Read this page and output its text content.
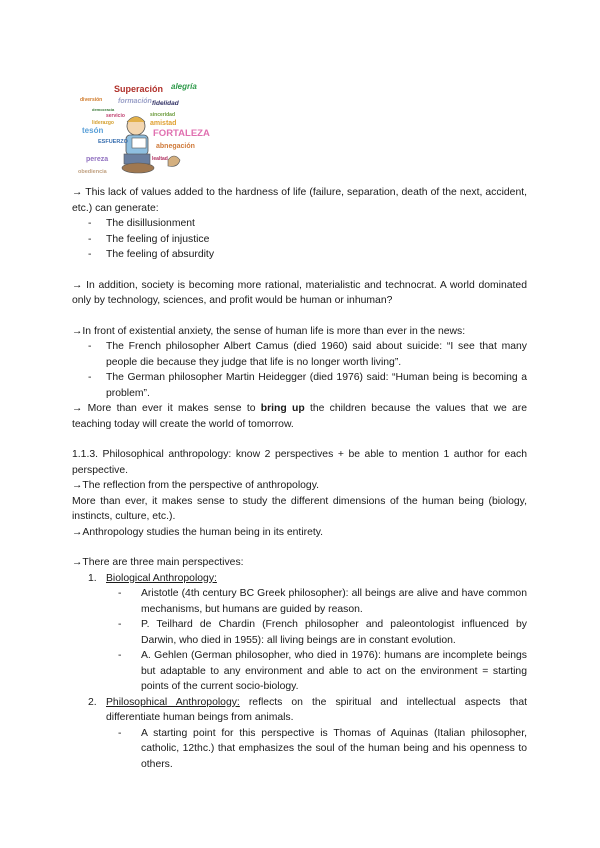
Superación alegría
diversión formación fidelidad
democracia
servicio	sinceridad
liderazgo	amistad
tesón
ESFUERZO
FORTALEZA
abnegación
pereza	lealtad
obediencia

→ This lack of values added to the hardness of life (failure, separation, death of the next, accident, etc.) can generate:

- The disillusionment
- The feeling of injustice
- The feeling of absurdity

→ In addition, society is becoming more rational, materialistic and technocrat. A world dominated only by technology, sciences, and profit would be human or inhuman?

→In front of existential anxiety, the sense of human life is more than ever in the news:

- The French philosopher Albert Camus (died 1960) said about suicide: “I see that many people die because they judge that life is no longer worth living”.
- The German philosopher Martin Heidegger (died 1976) said: “Human being is becoming a problem”.

→ More than ever it makes sense to bring up the children because the values that we are teaching today will create the world of tomorrow.

1.1.3. Philosophical anthropology: know 2 perspectives + be able to mention 1 author for each perspective.

→The reflection from the perspective of anthropology.

More than ever, it makes sense to study the different dimensions of the human being (biology, instincts, culture, etc.).

→Anthropology studies the human being in its entirety.

→There are three main perspectives:

1. Biological Anthropology:
- Aristotle (4th century BC Greek philosopher): all beings are alive and have common mechanisms, but humans are guided by reason.
- P. Teilhard de Chardin (French philosopher and paleontologist influenced by Darwin, who died in 1955): all living beings are in constant evolution.
- A. Gehlen (German philosopher, who died in 1976): humans are incomplete beings but adaptable to any environment and able to act on the environment = starting points of the current socio-biology.
2. Philosophical Anthropology: reflects on the spiritual and intellectual aspects that differentiate human beings from animals.
- A starting point for this perspective is Thomas of Aquinas (Italian philosopher, catholic, 12thc.) that emphasizes the soul of the human being and his openness to others.
